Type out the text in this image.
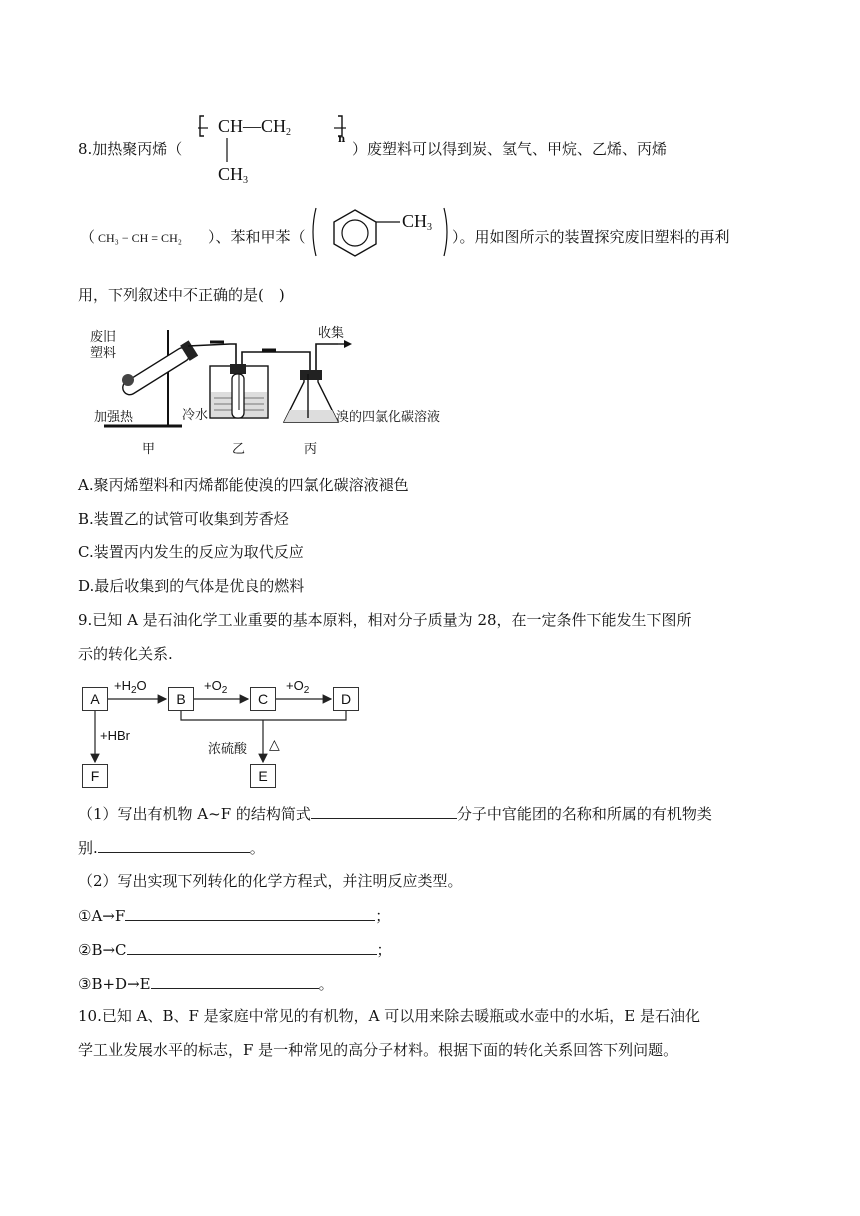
8.加热聚丙烯（
$CH—CH_2$
n
$CH_3$
）废塑料可以得到炭、氢气、甲烷、乙烯、丙烯
（ CH₃ − CH = CH₂ ）、苯和甲苯（
$CH_3$
）。用如图所示的装置探究废旧塑料的再利
用，下列叙述中不正确的是(　)
废旧
塑料
加强热	冷水
收集
溴的四氯化碳溶液
甲	乙	丙
A.聚丙烯塑料和丙烯都能使溴的四氯化碳溶液褪色
B.装置乙的试管可收集到芳香烃
C.装置丙内发生的反应为取代反应
D.最后收集到的气体是优良的燃料
9.已知 A 是石油化学工业重要的基本原料，相对分子质量为 28，在一定条件下能发生下图所
示的转化关系.
A	B	C	D
F	E
$+H_2O$	$+O_2$	$+O_2$
+HBr
浓硫酸 △
（1）写出有机物 A~F 的结构简式	分子中官能团的名称和所属的有机物类
别.	。
（2）写出实现下列转化的化学方程式，并注明反应类型。
①A→F	；
②B→C	；
③B+D→E	。
10.已知 A、B、F 是家庭中常见的有机物，A 可以用来除去暖瓶或水壶中的水垢，E 是石油化
学工业发展水平的标志，F 是一种常见的高分子材料。根据下面的转化关系回答下列问题。
